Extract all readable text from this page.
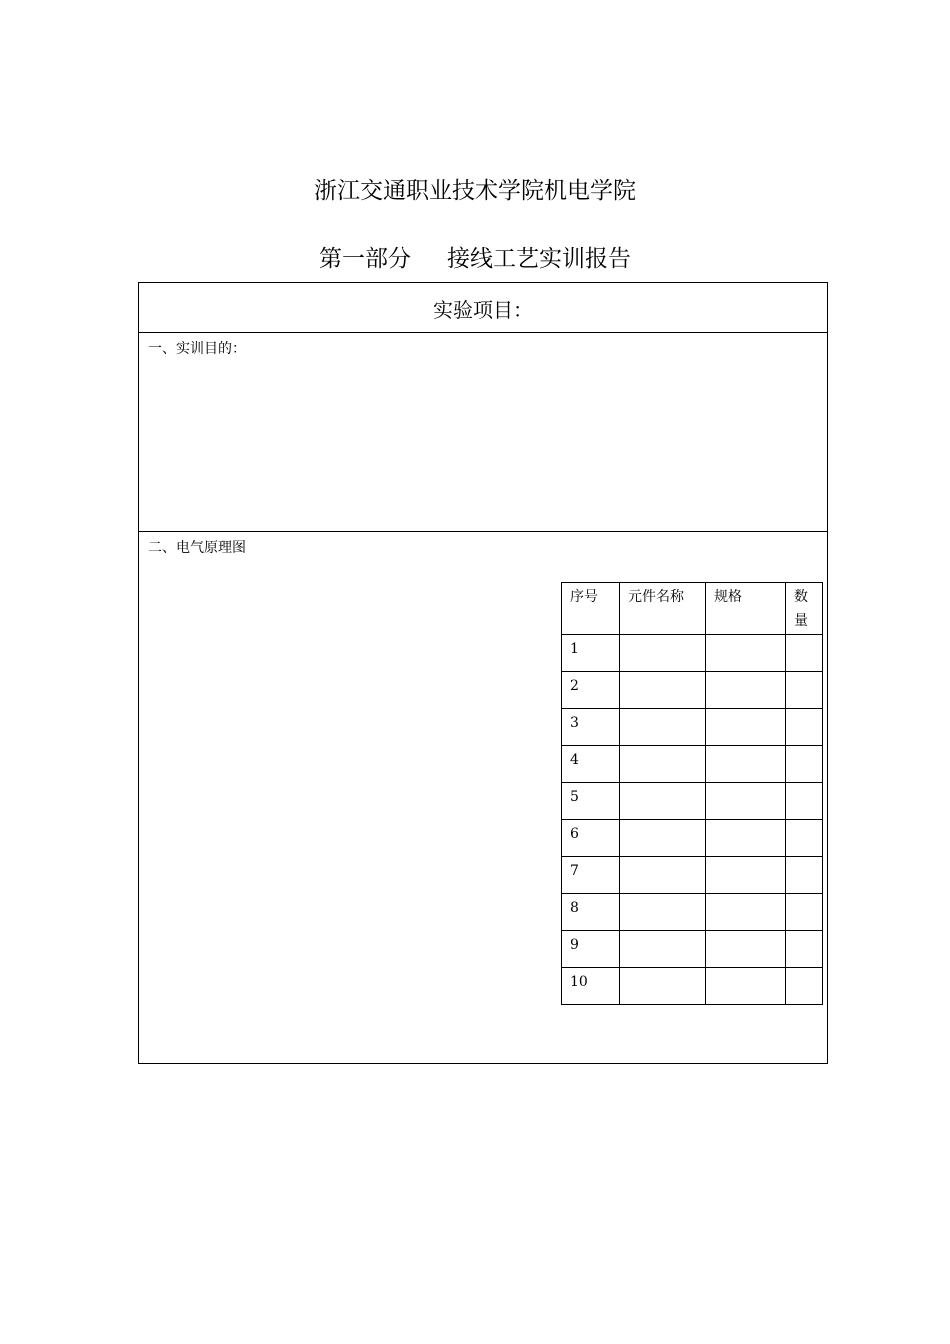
浙江交通职业技术学院机电学院
第一部分 接线工艺实训报告
实验项目：
一、实训目的：
二、电气原理图
序号	元件名称	规格	数量

1			
2			
3			
4			
5			
6			
7			
8			
9			
10			
